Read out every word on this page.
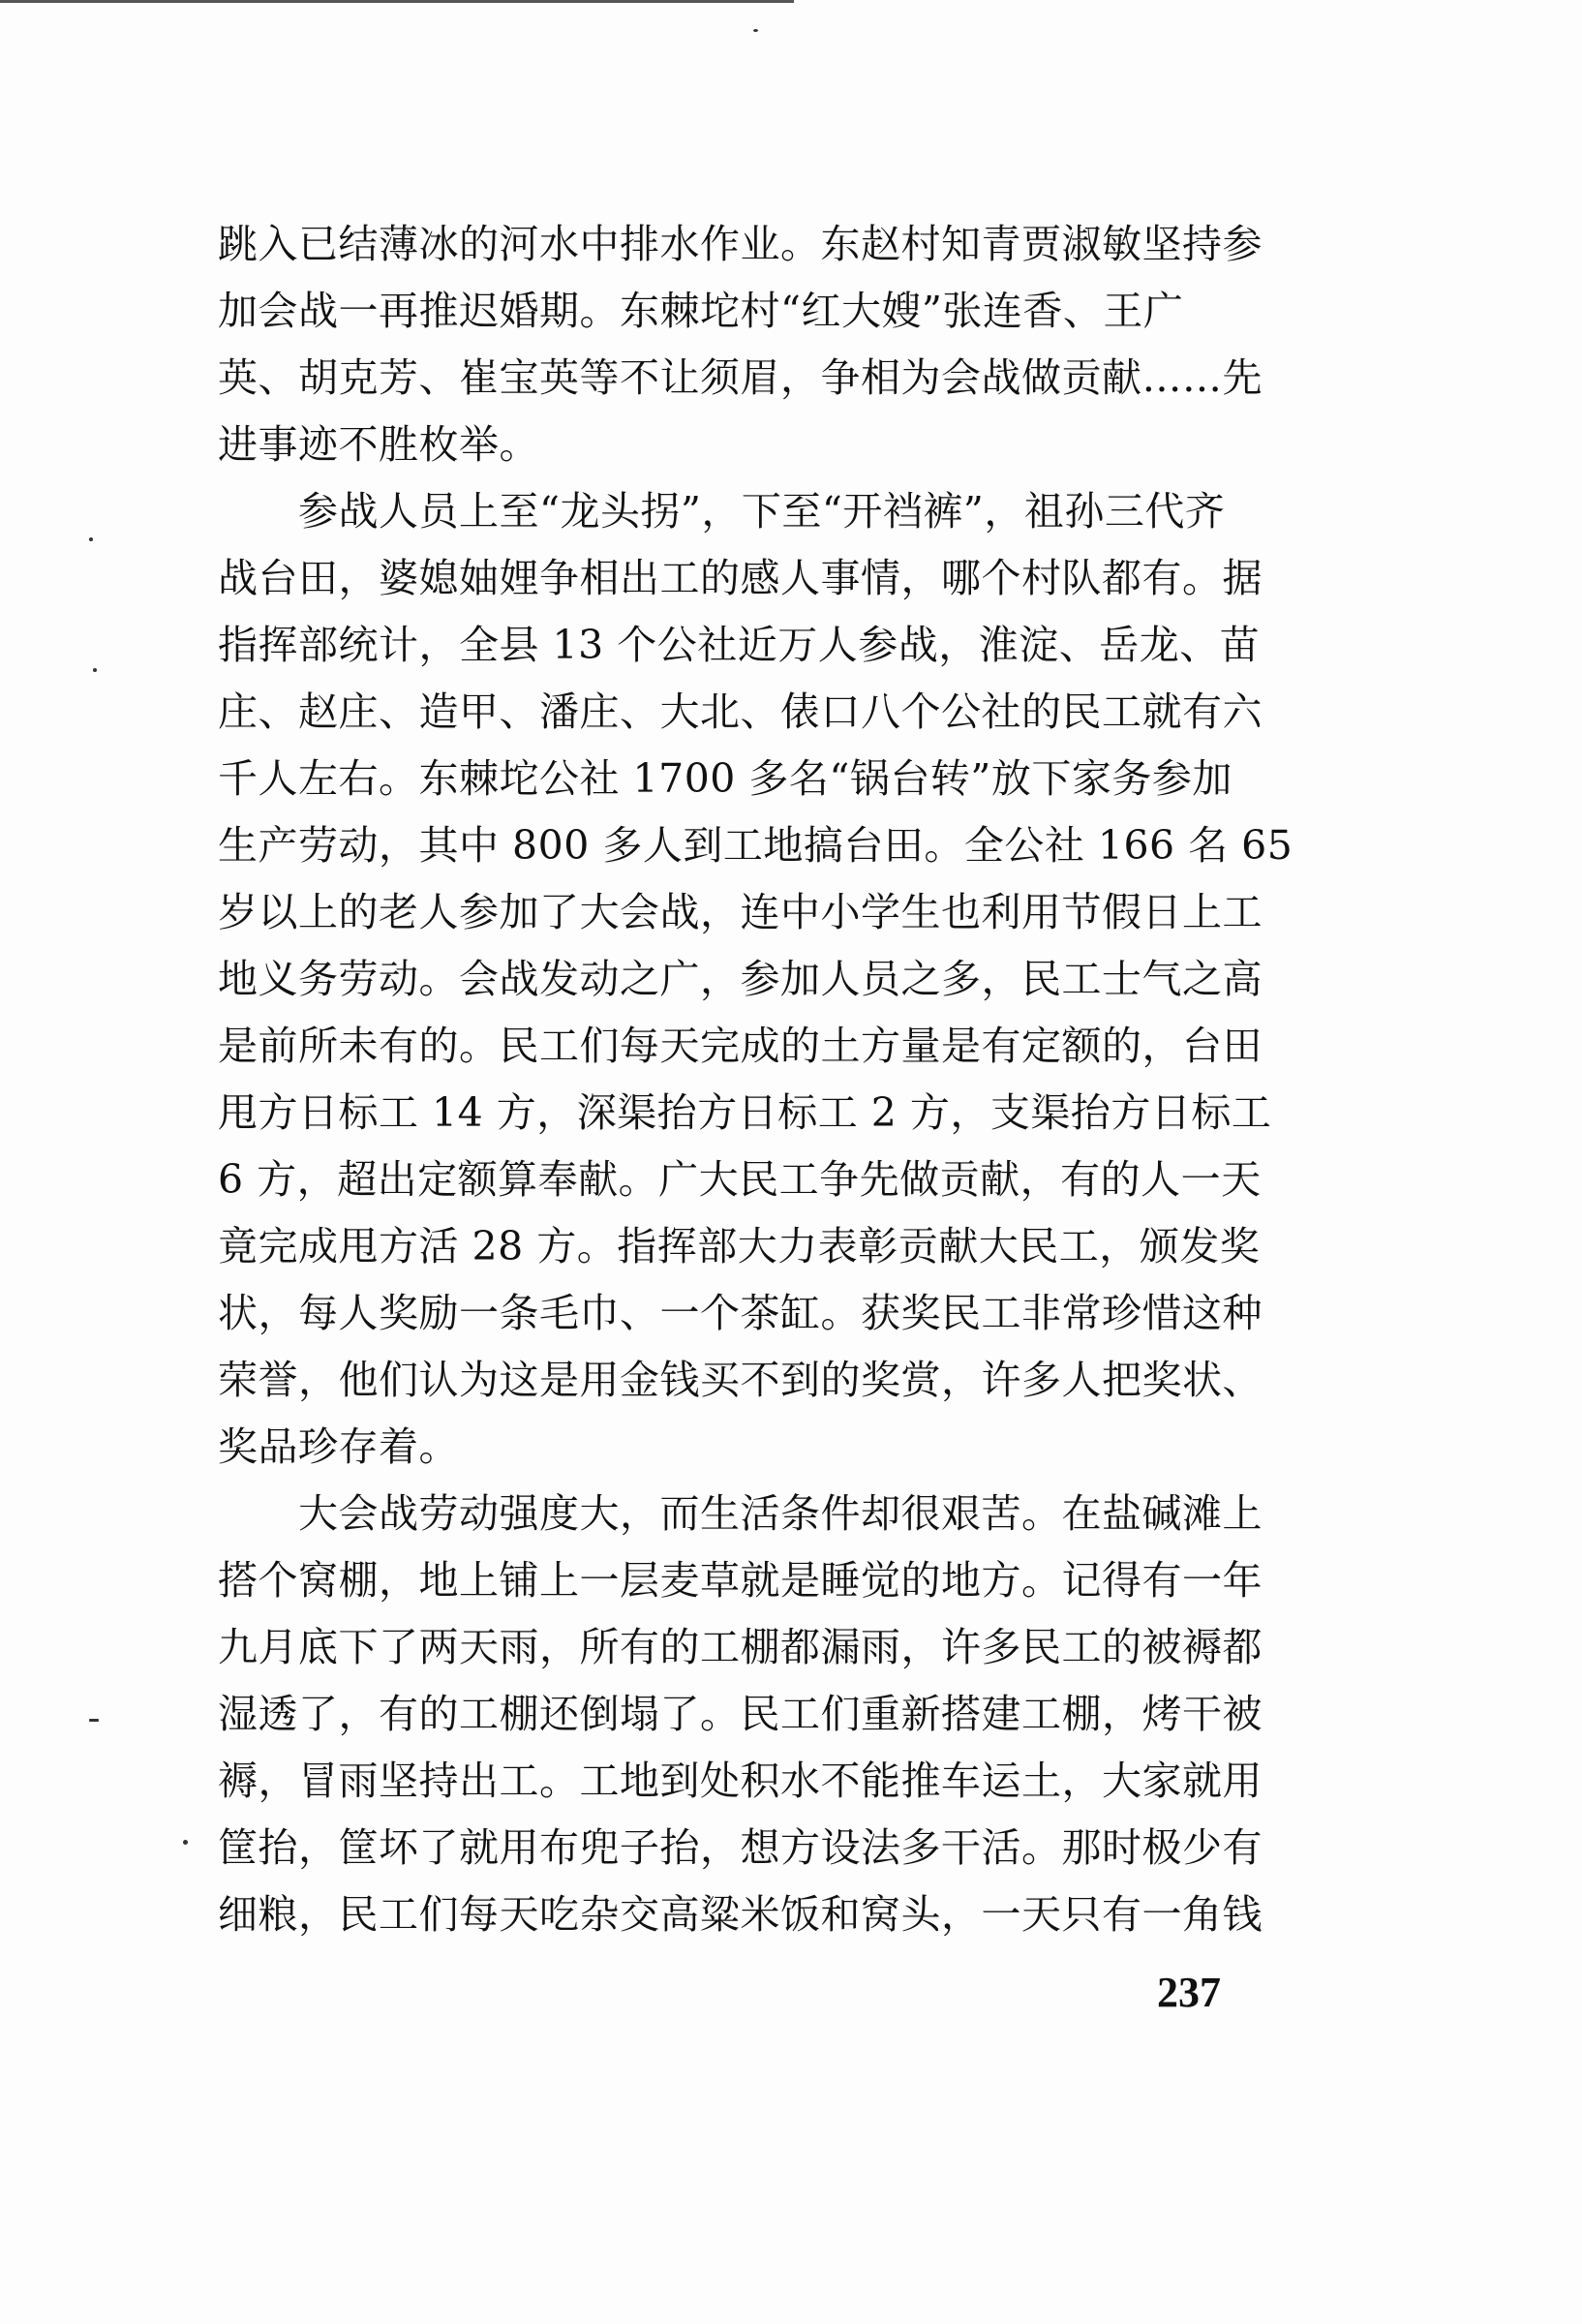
跳入已结薄冰的河水中排水作业。东赵村知青贾淑敏坚持参
加会战一再推迟婚期。东棘坨村“红大嫂”张连香、王广
英、胡克芳、崔宝英等不让须眉，争相为会战做贡献……先
进事迹不胜枚举。
　　参战人员上至“龙头拐”，下至“开裆裤”，祖孙三代齐
战台田，婆媳妯娌争相出工的感人事情，哪个村队都有。据
指挥部统计，全县 13 个公社近万人参战，淮淀、岳龙、苗
庄、赵庄、造甲、潘庄、大北、俵口八个公社的民工就有六
千人左右。东棘坨公社 1700 多名“锅台转”放下家务参加
生产劳动，其中 800 多人到工地搞台田。全公社 166 名 65
岁以上的老人参加了大会战，连中小学生也利用节假日上工
地义务劳动。会战发动之广，参加人员之多，民工士气之高
是前所未有的。民工们每天完成的土方量是有定额的，台田
甩方日标工 14 方，深渠抬方日标工 2 方，支渠抬方日标工
6 方，超出定额算奉献。广大民工争先做贡献，有的人一天
竟完成甩方活 28 方。指挥部大力表彰贡献大民工，颁发奖
状，每人奖励一条毛巾、一个茶缸。获奖民工非常珍惜这种
荣誉，他们认为这是用金钱买不到的奖赏，许多人把奖状、
奖品珍存着。
　　大会战劳动强度大，而生活条件却很艰苦。在盐碱滩上
搭个窝棚，地上铺上一层麦草就是睡觉的地方。记得有一年
九月底下了两天雨，所有的工棚都漏雨，许多民工的被褥都
湿透了，有的工棚还倒塌了。民工们重新搭建工棚，烤干被
褥，冒雨坚持出工。工地到处积水不能推车运土，大家就用
筐抬，筐坏了就用布兜子抬，想方设法多干活。那时极少有
细粮，民工们每天吃杂交高粱米饭和窝头，一天只有一角钱
237
